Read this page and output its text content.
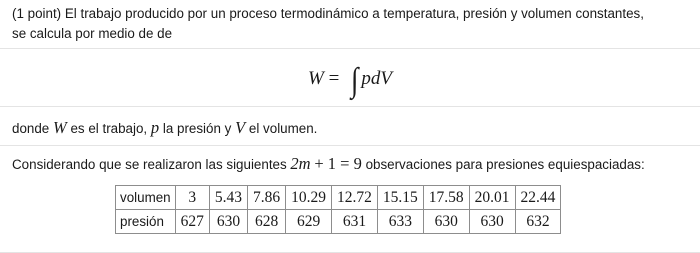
(1 point) El trabajo producido por un proceso termodinámico a temperatura, presión y volumen constantes,
se calcula por medio de de
W = ∫ pdV
donde W es el trabajo, p la presión y V el volumen.
Considerando que se realizaron las siguientes 2m + 1 = 9 observaciones para presiones equiespaciadas:
volumen	3	5.43	7.86	10.29	12.72	15.15	17.58	20.01	22.44
presión	627	630	628	629	631	633	630	630	632
